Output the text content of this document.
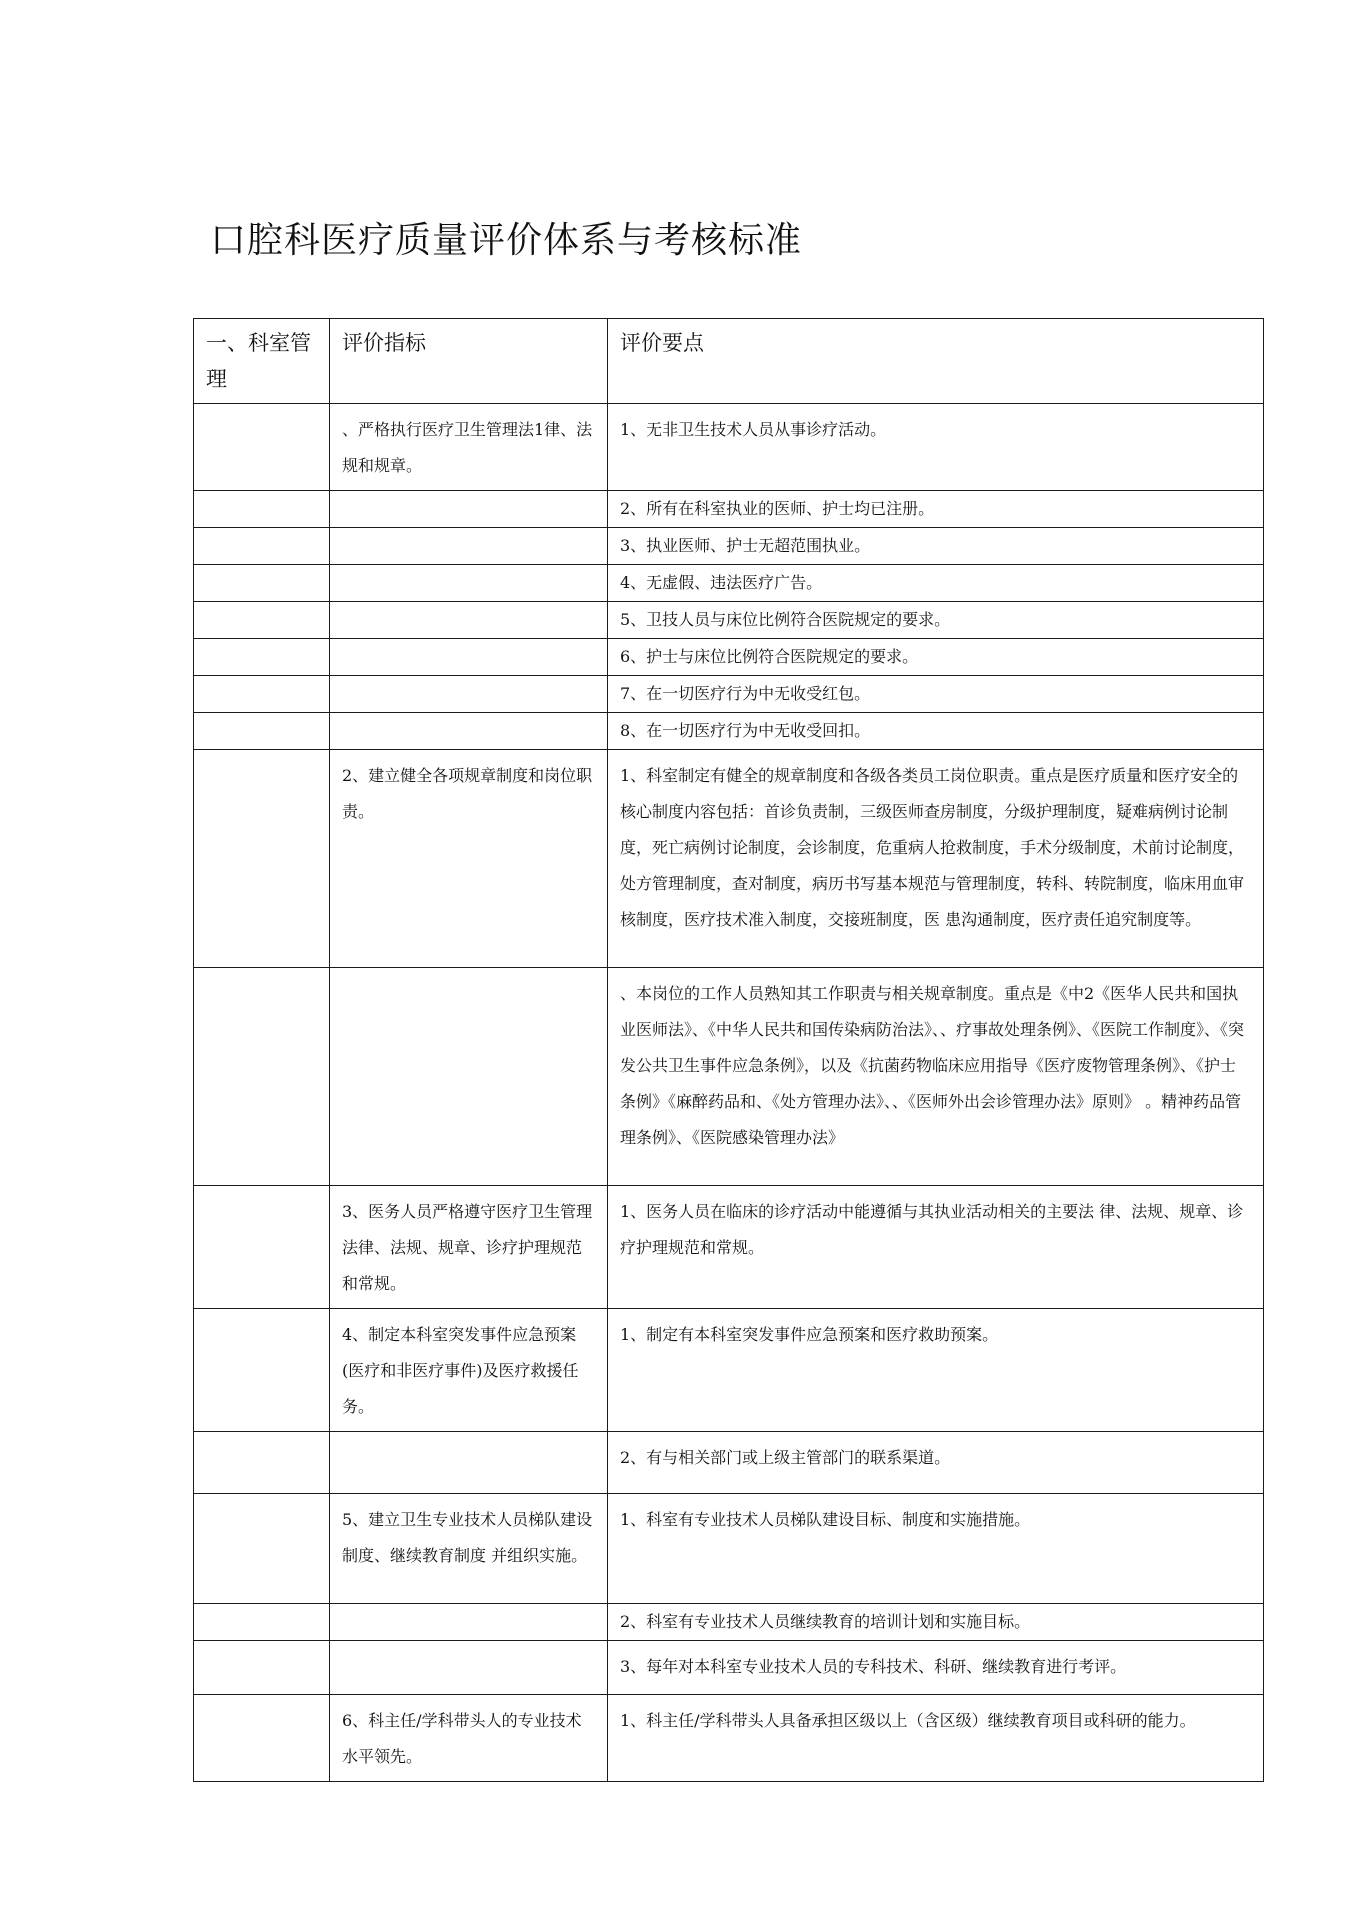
口腔科医疗质量评价体系与考核标准
一、科室管理	评价指标	评价要点
	、严格执行医疗卫生管理法1律、法规和规章。	1、无非卫生技术人员从事诊疗活动。
		2、所有在科室执业的医师、护士均已注册。
		3、执业医师、护士无超范围执业。
		4、无虚假、违法医疗广告。
		5、卫技人员与床位比例符合医院规定的要求。
		6、护士与床位比例符合医院规定的要求。
		7、在一切医疗行为中无收受红包。
		8、在一切医疗行为中无收受回扣。
	2、建立健全各项规章制度和岗位职责。	1、科室制定有健全的规章制度和各级各类员工岗位职责。重点是医疗质量和医疗安全的核心制度内容包括：首诊负责制，三级医师查房制度，分级护理制度，疑难病例讨论制度，死亡病例讨论制度，会诊制度，危重病人抢救制度，手术分级制度，术前讨论制度，处方管理制度，查对制度，病历书写基本规范与管理制度，转科、转院制度，临床用血审核制度，医疗技术准入制度，交接班制度，医 患沟通制度，医疗责任追究制度等。
		、本岗位的工作人员熟知其工作职责与相关规章制度。重点是《中2《医华人民共和国执业医师法》、《中华人民共和国传染病防治法》、、疗事故处理条例》、《医院工作制度》、《突发公共卫生事件应急条例》，以及《抗菌药物临床应用指导《医疗废物管理条例》、《护士条例》《麻醉药品和、《处方管理办法》、、《医师外出会诊管理办法》原则》 。精神药品管理条例》、《医院感染管理办法》
	3、医务人员严格遵守医疗卫生管理法律、法规、规章、诊疗护理规范和常规。	1、医务人员在临床的诊疗活动中能遵循与其执业活动相关的主要法 律、法规、规章、诊疗护理规范和常规。
	4、制定本科室突发事件应急预案(医疗和非医疗事件)及医疗救援任务。	1、制定有本科室突发事件应急预案和医疗救助预案。
		2、有与相关部门或上级主管部门的联系渠道。
	5、建立卫生专业技术人员梯队建设制度、继续教育制度 并组织实施。	1、科室有专业技术人员梯队建设目标、制度和实施措施。
		2、科室有专业技术人员继续教育的培训计划和实施目标。
		3、每年对本科室专业技术人员的专科技术、科研、继续教育进行考评。
	6、科主任/学科带头人的专业技术水平领先。	1、科主任/学科带头人具备承担区级以上（含区级）继续教育项目或科研的能力。
